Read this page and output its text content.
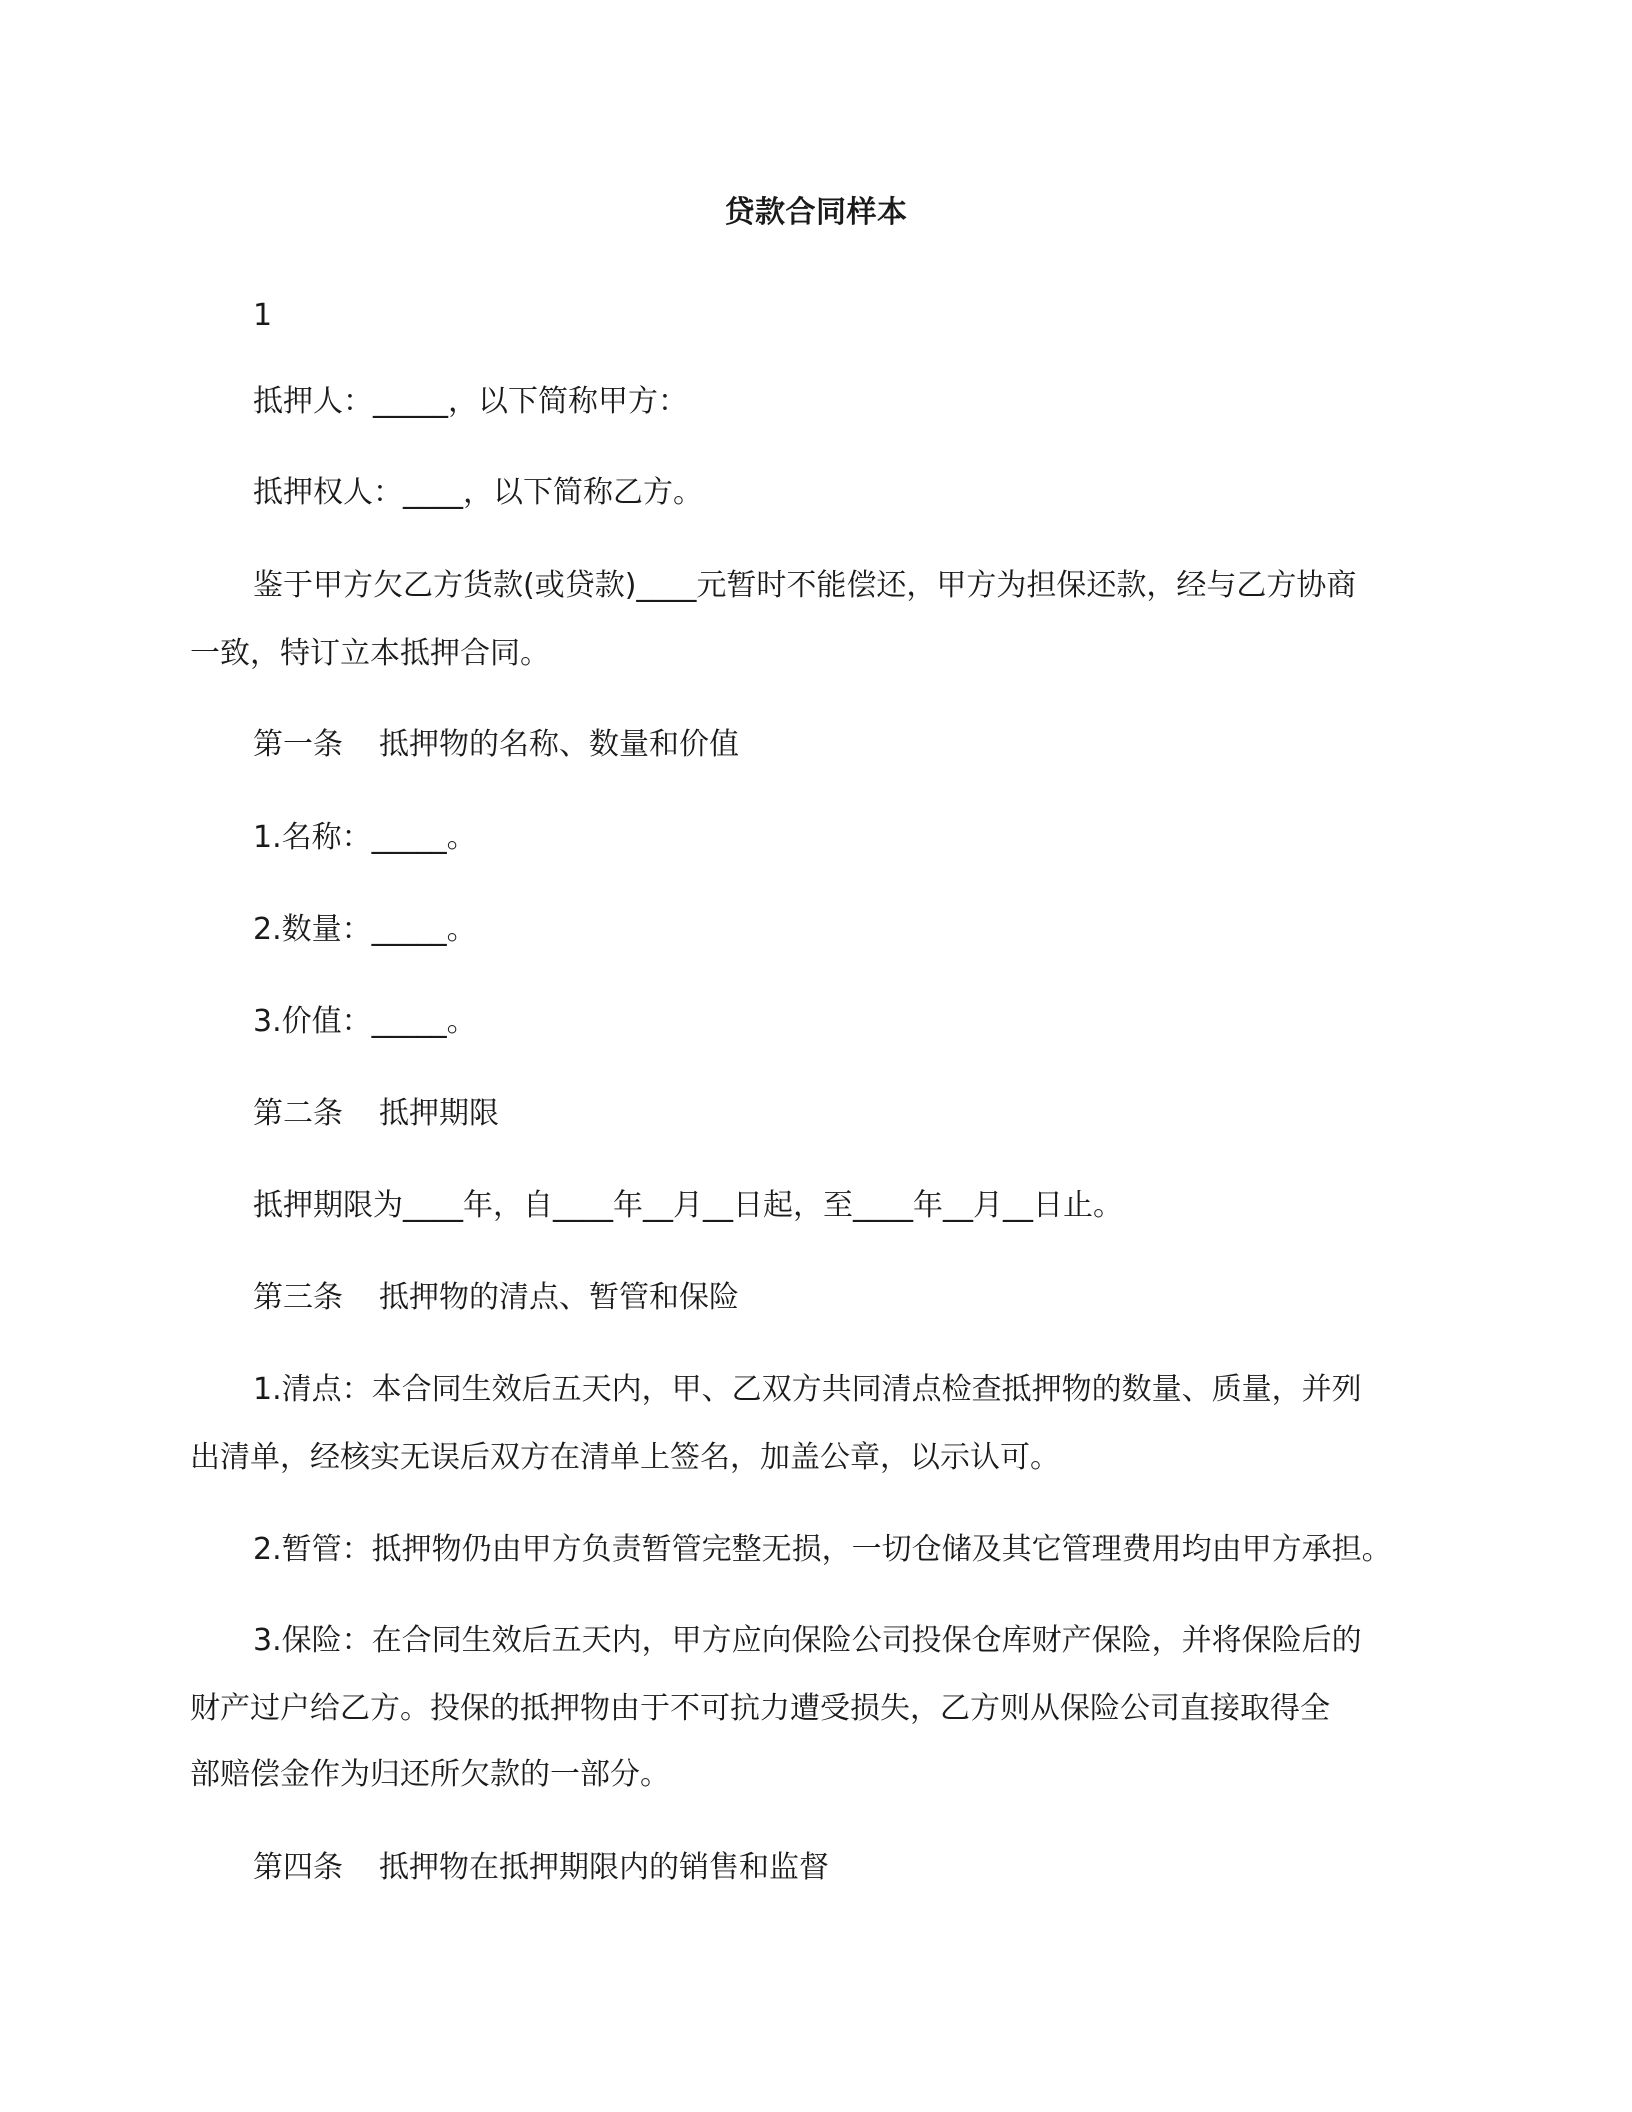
贷款合同样本
1
抵押人：_____，以下简称甲方：
抵押权人：____，以下简称乙方。
鉴于甲方欠乙方货款(或贷款)____元暂时不能偿还，甲方为担保还款，经与乙方协商
一致，特订立本抵押合同。
第一条 抵押物的名称、数量和价值
1.名称：_____。
2.数量：_____。
3.价值：_____。
第二条 抵押期限
抵押期限为____年，自____年__月__日起，至____年__月__日止。
第三条 抵押物的清点、暂管和保险
1.清点：本合同生效后五天内，甲、乙双方共同清点检查抵押物的数量、质量，并列
出清单，经核实无误后双方在清单上签名，加盖公章，以示认可。
2.暂管：抵押物仍由甲方负责暂管完整无损，一切仓储及其它管理费用均由甲方承担。
3.保险：在合同生效后五天内，甲方应向保险公司投保仓库财产保险，并将保险后的
财产过户给乙方。投保的抵押物由于不可抗力遭受损失，乙方则从保险公司直接取得全
部赔偿金作为归还所欠款的一部分。
第四条 抵押物在抵押期限内的销售和监督
